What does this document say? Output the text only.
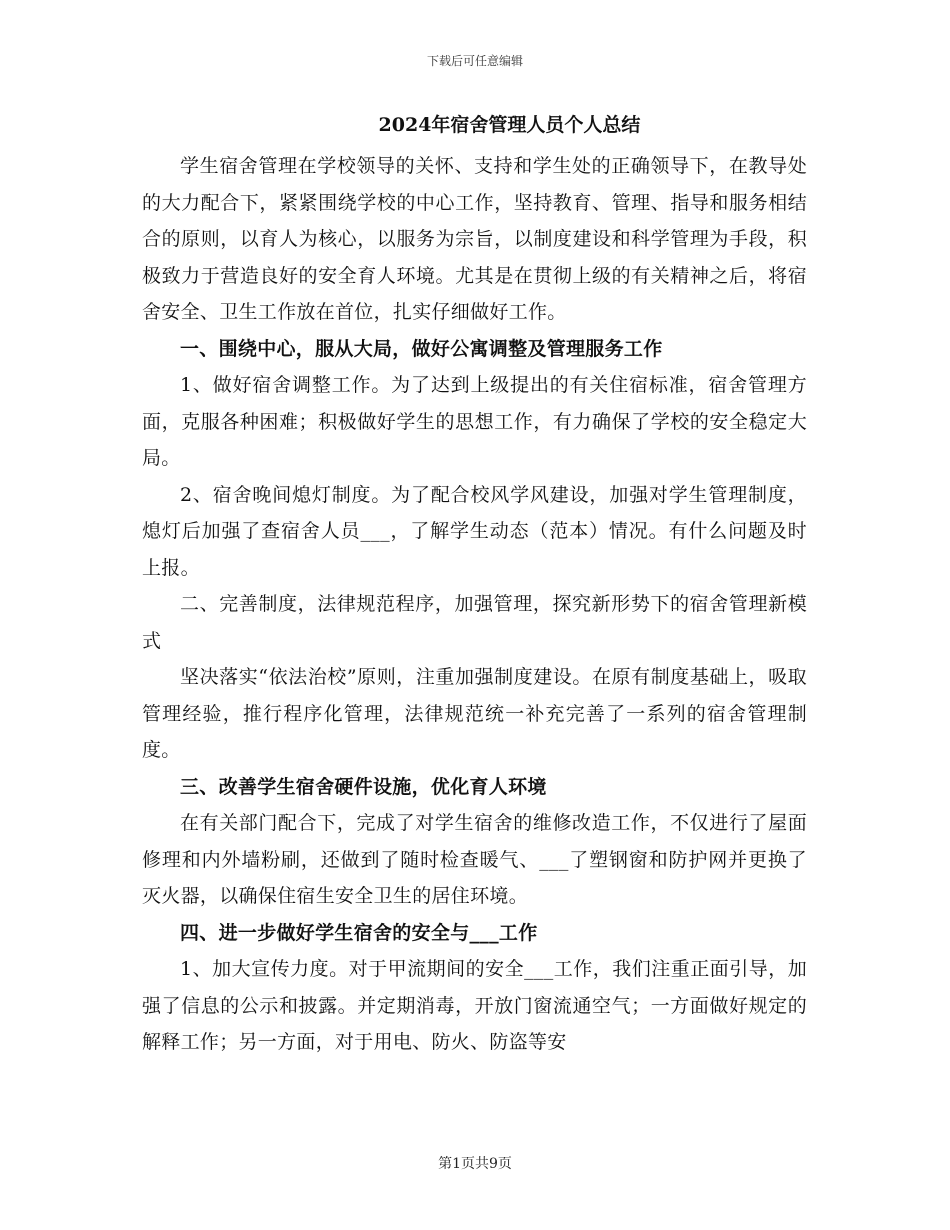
下载后可任意编辑
2024年宿舍管理人员个人总结

学生宿舍管理在学校领导的关怀、支持和学生处的正确领导下，在教导处的大力配合下，紧紧围绕学校的中心工作，坚持教育、管理、指导和服务相结合的原则，以育人为核心，以服务为宗旨，以制度建设和科学管理为手段，积极致力于营造良好的安全育人环境。尤其是在贯彻上级的有关精神之后，将宿舍安全、卫生工作放在首位，扎实仔细做好工作。

一、围绕中心，服从大局，做好公寓调整及管理服务工作

1、做好宿舍调整工作。为了达到上级提出的有关住宿标准，宿舍管理方面，克服各种困难；积极做好学生的思想工作，有力确保了学校的安全稳定大局。

2、宿舍晚间熄灯制度。为了配合校风学风建设，加强对学生管理制度，熄灯后加强了查宿舍人员___，了解学生动态（范本）情况。有什么问题及时上报。

二、完善制度，法律规范程序，加强管理，探究新形势下的宿舍管理新模式

坚决落实“依法治校”原则，注重加强制度建设。在原有制度基础上，吸取管理经验，推行程序化管理，法律规范统一补充完善了一系列的宿舍管理制度。

三、改善学生宿舍硬件设施，优化育人环境

在有关部门配合下，完成了对学生宿舍的维修改造工作，不仅进行了屋面修理和内外墙粉刷，还做到了随时检查暖气、___了塑钢窗和防护网并更换了灭火器，以确保住宿生安全卫生的居住环境。

四、进一步做好学生宿舍的安全与___工作

1、加大宣传力度。对于甲流期间的安全___工作，我们注重正面引导，加强了信息的公示和披露。并定期消毒，开放门窗流通空气；一方面做好规定的解释工作；另一方面，对于用电、防火、防盗等安

第1页共9页
